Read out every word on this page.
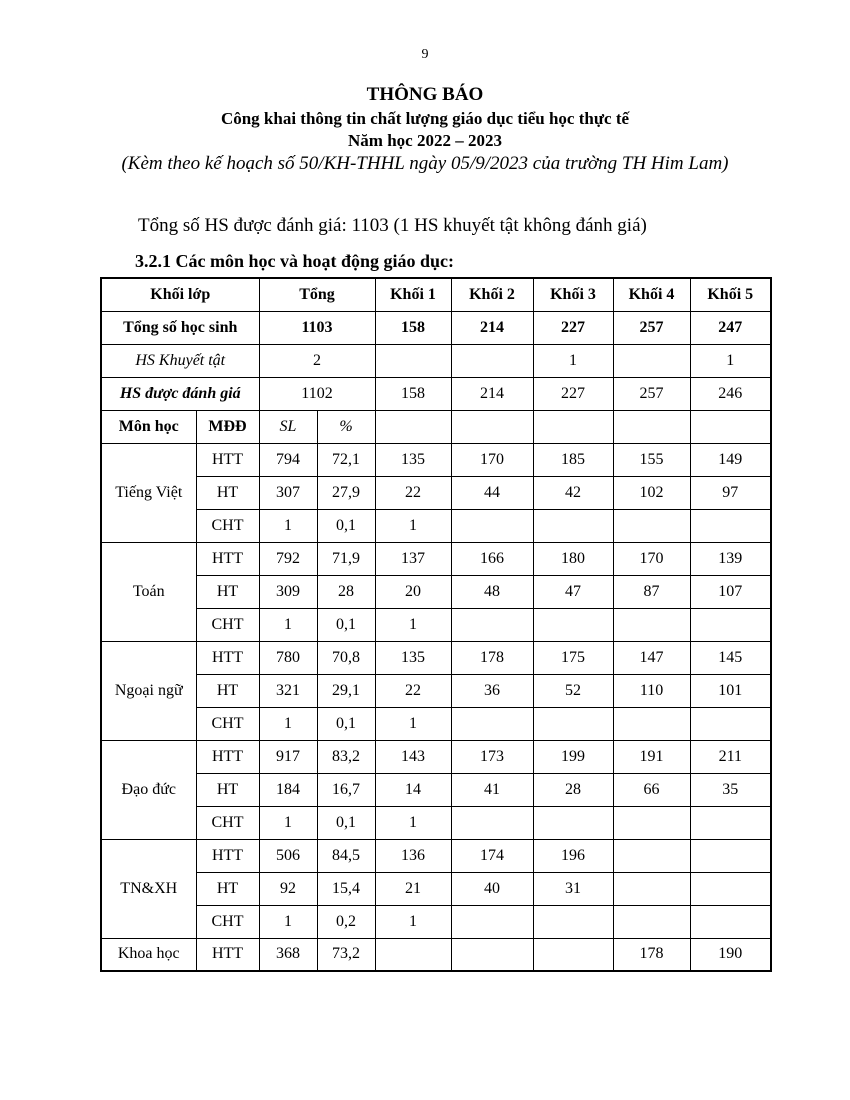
9
THÔNG BÁO
Công khai thông tin chất lượng giáo dục tiểu học thực tế
Năm học 2022 – 2023
(Kèm theo kế hoạch số 50/KH-THHL ngày 05/9/2023 của trường TH Him Lam)
Tổng số HS được đánh giá: 1103 (1 HS khuyết tật không đánh giá)
3.2.1 Các môn học và hoạt động giáo dục:
Khối lớp		Tổng		Khối 1	Khối 2	Khối 3	Khối 4	Khối 5
Tổng số học sinh		1103		158	214	227	257	247
HS Khuyết tật		2				1		1
HS được đánh giá		1102		158	214	227	257	246
Môn học	MĐĐ	SL	%					
Tiếng Việt	HTT	794	72,1	135	170	185	155	149
	HT	307	27,9	22	44	42	102	97
	CHT	1	0,1	1				
Toán	HTT	792	71,9	137	166	180	170	139
	HT	309	28	20	48	47	87	107
	CHT	1	0,1	1				
Ngoại ngữ	HTT	780	70,8	135	178	175	147	145
	HT	321	29,1	22	36	52	110	101
	CHT	1	0,1	1				
Đạo đức	HTT	917	83,2	143	173	199	191	211
	HT	184	16,7	14	41	28	66	35
	CHT	1	0,1	1				
TN&XH	HTT	506	84,5	136	174	196		
	HT	92	15,4	21	40	31		
	CHT	1	0,2	1				
Khoa học	HTT	368	73,2				178	190
